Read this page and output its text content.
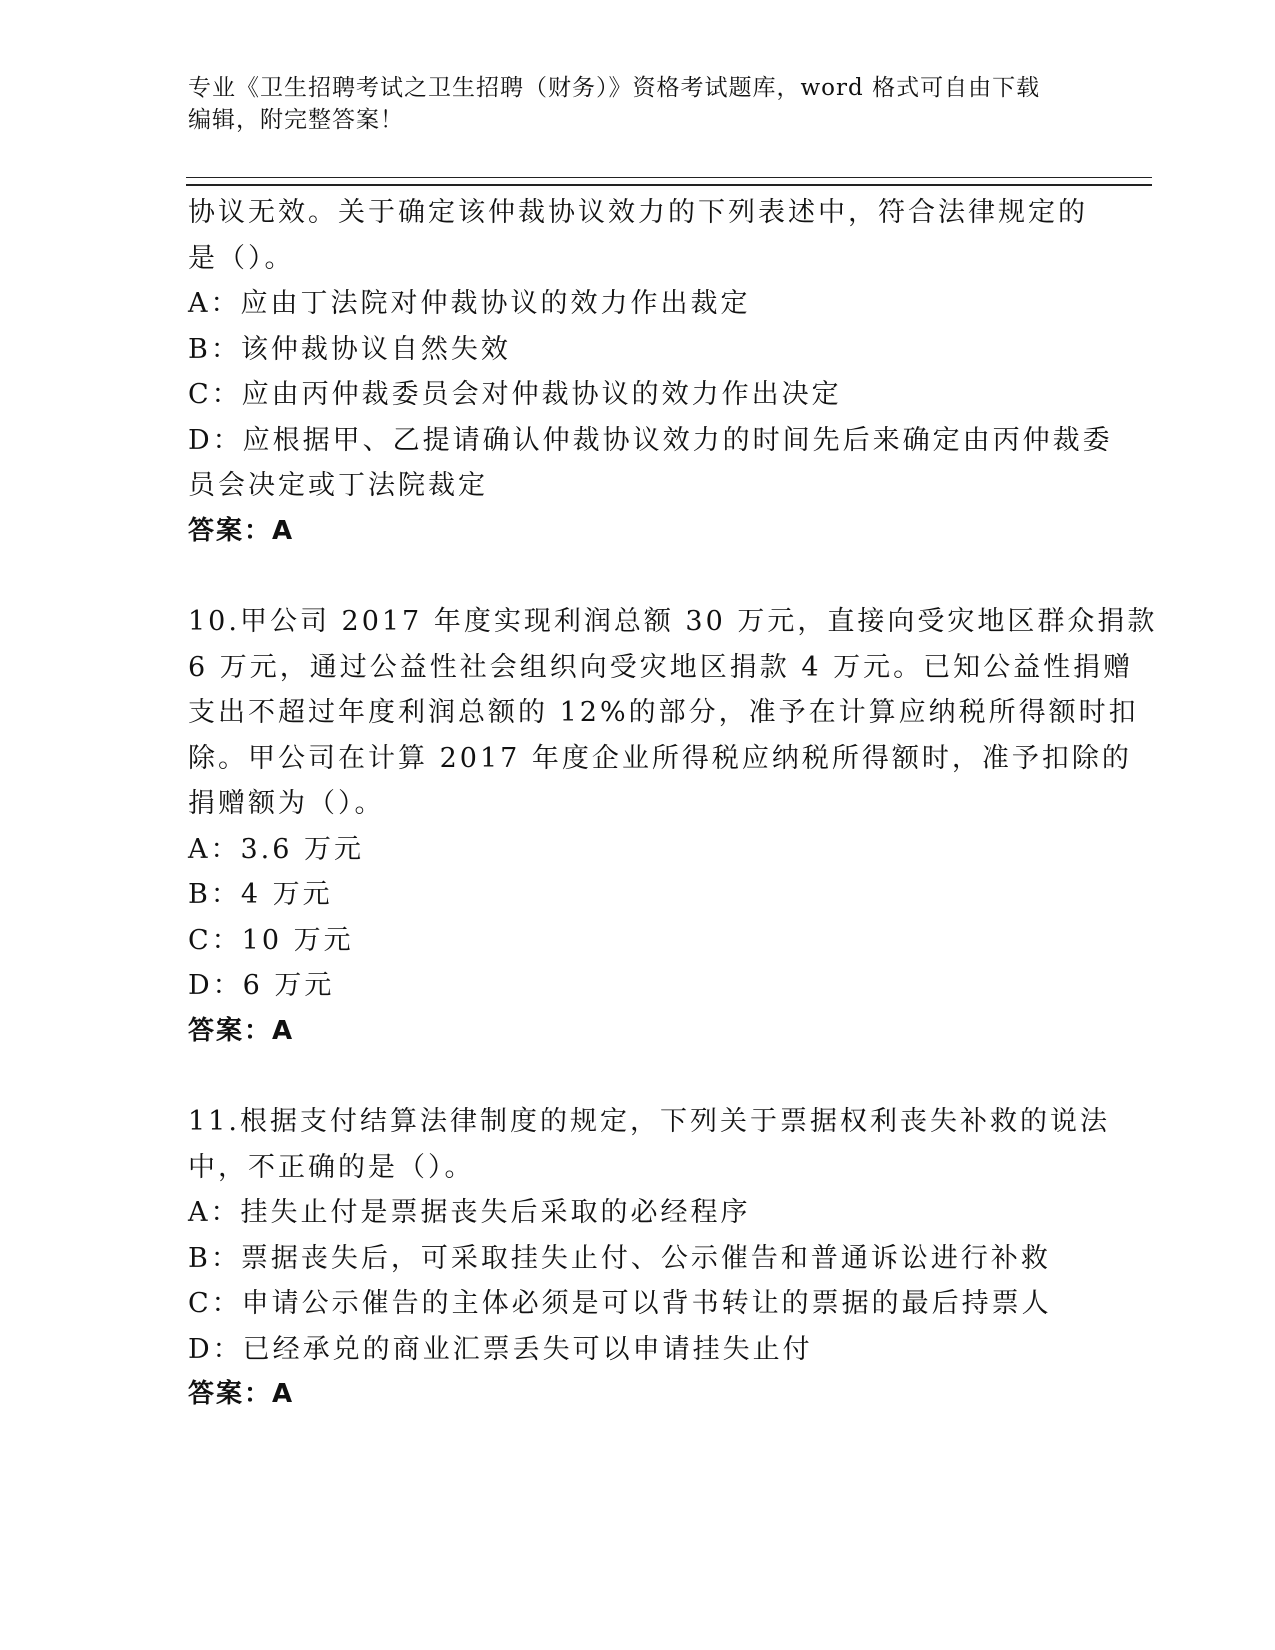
专业《卫生招聘考试之卫生招聘（财务）》资格考试题库，word 格式可自由下载
编辑，附完整答案！
协议无效。关于确定该仲裁协议效力的下列表述中，符合法律规定的
是（）。
A：应由丁法院对仲裁协议的效力作出裁定
B：该仲裁协议自然失效
C：应由丙仲裁委员会对仲裁协议的效力作出决定
D：应根据甲、乙提请确认仲裁协议效力的时间先后来确定由丙仲裁委
员会决定或丁法院裁定
答案：A
10.甲公司 2017 年度实现利润总额 30 万元，直接向受灾地区群众捐款
6 万元，通过公益性社会组织向受灾地区捐款 4 万元。已知公益性捐赠
支出不超过年度利润总额的 12%的部分，准予在计算应纳税所得额时扣
除。甲公司在计算 2017 年度企业所得税应纳税所得额时，准予扣除的
捐赠额为（）。
A：3.6 万元
B：4 万元
C：10 万元
D：6 万元
答案：A
11.根据支付结算法律制度的规定，下列关于票据权利丧失补救的说法
中，不正确的是（）。
A：挂失止付是票据丧失后采取的必经程序
B：票据丧失后，可采取挂失止付、公示催告和普通诉讼进行补救
C：申请公示催告的主体必须是可以背书转让的票据的最后持票人
D：已经承兑的商业汇票丢失可以申请挂失止付
答案：A
